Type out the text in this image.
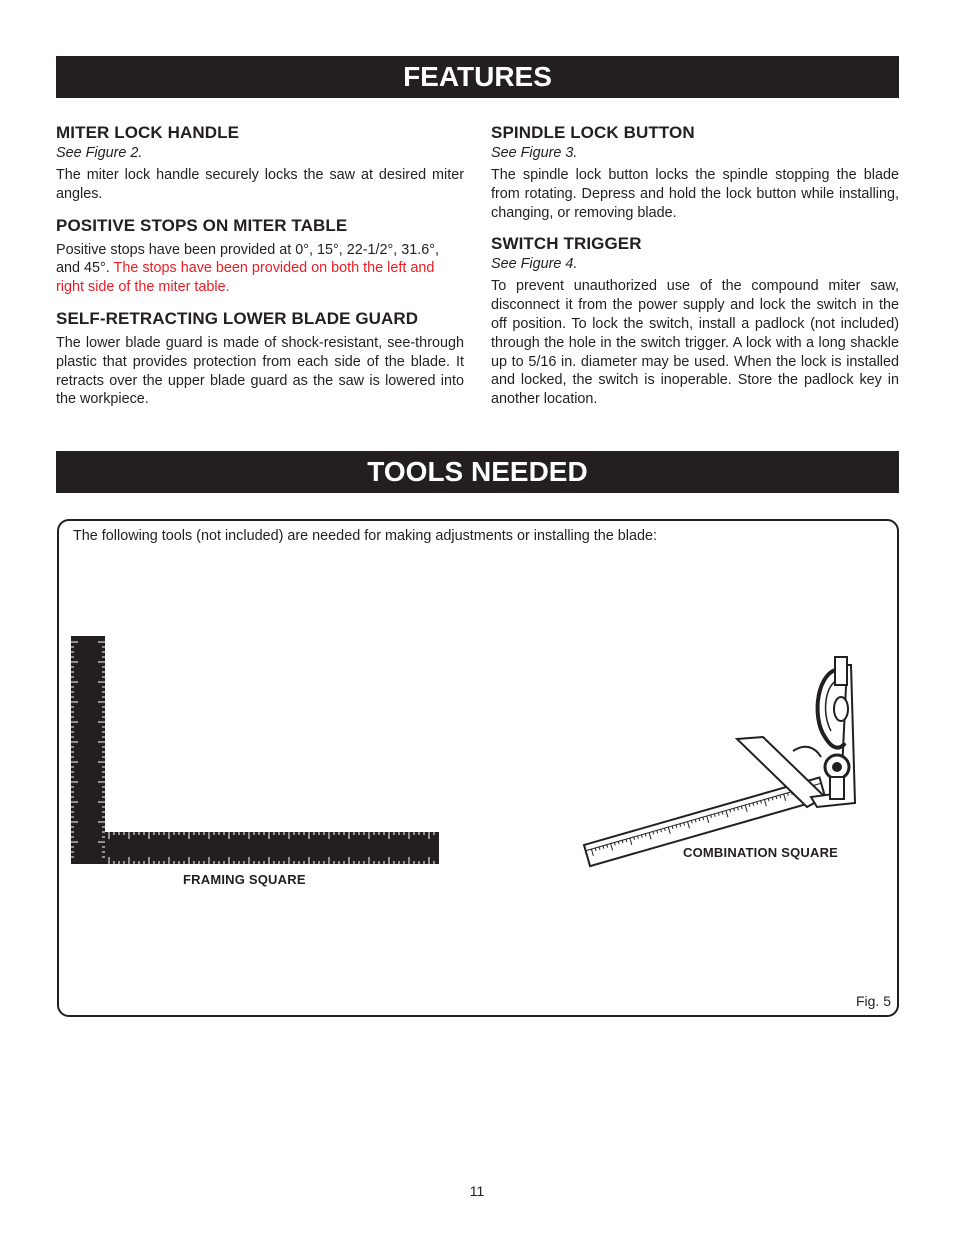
FEATURES
MITER LOCK HANDLE
See Figure 2.

The miter lock handle securely locks the saw at desired miter angles.

POSITIVE STOPS ON MITER TABLE

Positive stops have been provided at 0°, 15°, 22-1/2°, 31.6°, and 45°. The stops have been provided on both the left and right side of the miter table.

SELF-RETRACTING LOWER BLADE GUARD

The lower blade guard is made of shock-resistant, see-through plastic that provides protection from each side of the blade. It retracts over the upper blade guard as the saw is lowered into the workpiece.

SPINDLE LOCK BUTTON
See Figure 3.

The spindle lock button locks the spindle stopping the blade from rotating. Depress and hold the lock button while installing, changing, or removing blade.

SWITCH TRIGGER
See Figure 4.

To prevent unauthorized use of the compound miter saw, disconnect it from the power supply and lock the switch in the off position. To lock the switch, install a padlock (not included) through the hole in the switch trigger. A lock with a long shackle up to 5/16 in. diameter may be used. When the lock is installed and locked, the switch is inoperable. Store the padlock key in another location.

TOOLS NEEDED
The following tools (not included) are needed for making adjustments or installing the blade:
FRAMING SQUARE
COMBINATION SQUARE
Fig. 5
11
